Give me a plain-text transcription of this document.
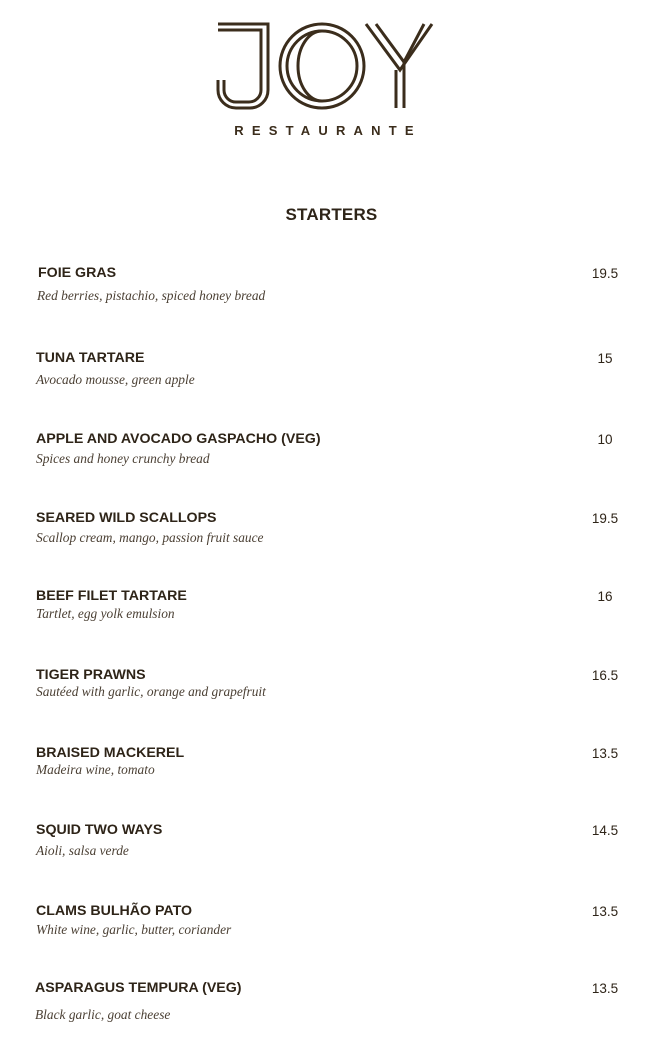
RESTAURANTE
STARTERS
FOIE GRAS
Red berries, pistachio, spiced honey bread
19.5
TUNA TARTARE
Avocado mousse, green apple
15
APPLE AND AVOCADO GASPACHO (VEG)
Spices and honey crunchy bread
10
SEARED WILD SCALLOPS
Scallop cream, mango, passion fruit sauce
19.5
BEEF FILET TARTARE
Tartlet, egg yolk emulsion
16
TIGER PRAWNS
Sautéed with garlic, orange and grapefruit
16.5
BRAISED MACKEREL
Madeira wine, tomato
13.5
SQUID TWO WAYS
Aioli, salsa verde
14.5
CLAMS BULHÃO PATO
White wine, garlic, butter, coriander
13.5
ASPARAGUS TEMPURA (VEG)
Black garlic, goat cheese
13.5
